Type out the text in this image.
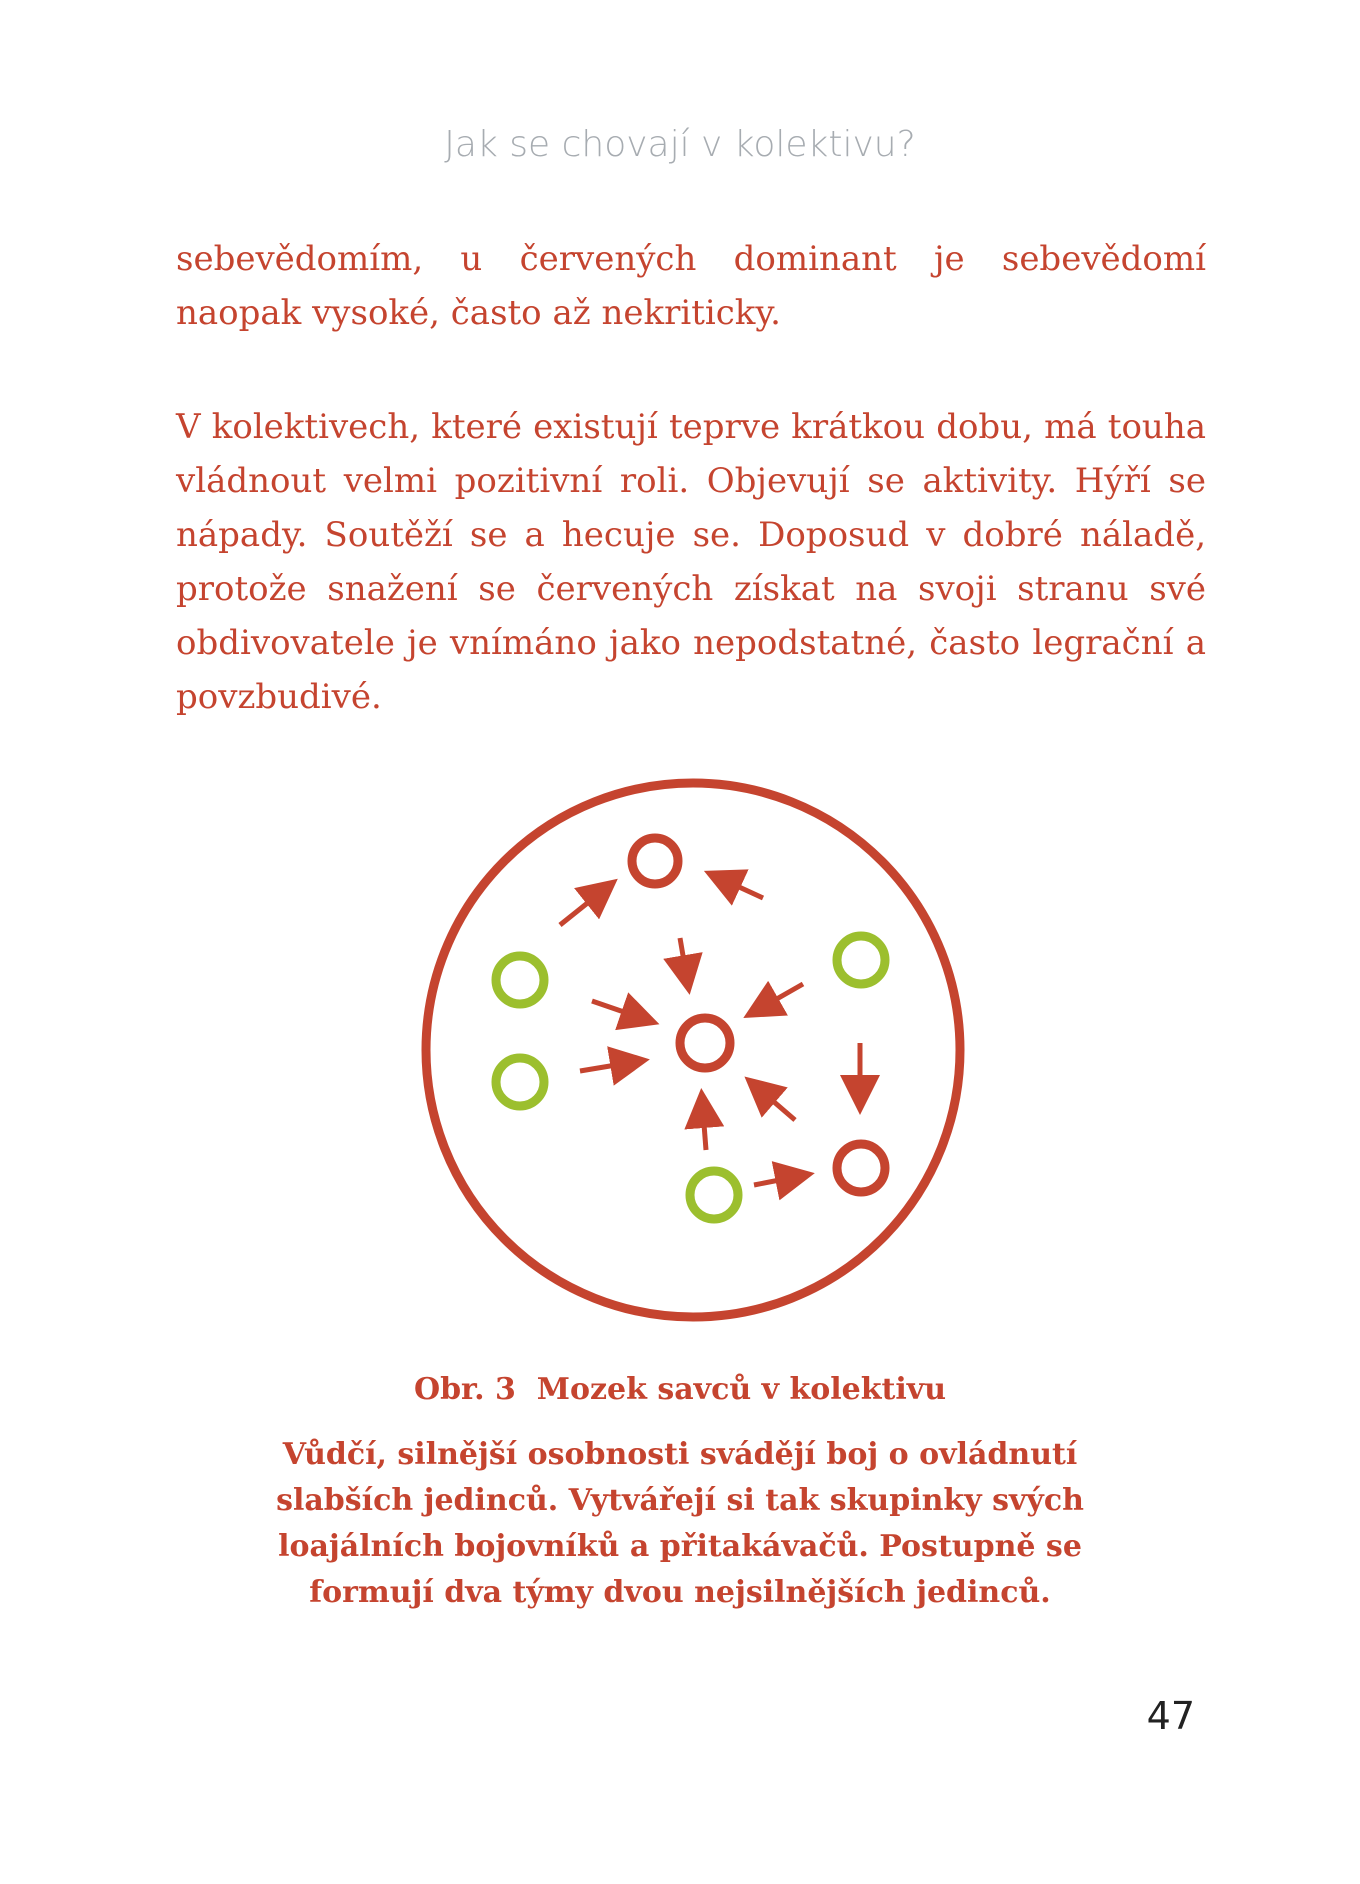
Jak se chovají v kolektivu?

sebevědomím, u červených dominant je sebevědomí naopak vysoké, často až nekriticky.

V kolektivech, které existují teprve krátkou dobu, má touha vládnout velmi pozitivní roli. Objevují se aktivity. Hýří se nápady. Soutěží se a hecuje se. Doposud v dobré náladě, protože snažení se červených získat na svoji stranu své obdivovatele je vnímáno jako nepodstatné, často legrační a povzbudivé.

Obr. 3  Mozek savců v kolektivu

Vůdčí, silnější osobnosti svádějí boj o ovládnutí slabších jedinců. Vytvářejí si tak skupinky svých loajálních bojovníků a přitakávačů. Postupně se formují dva týmy dvou nejsilnějších jedinců.

47
